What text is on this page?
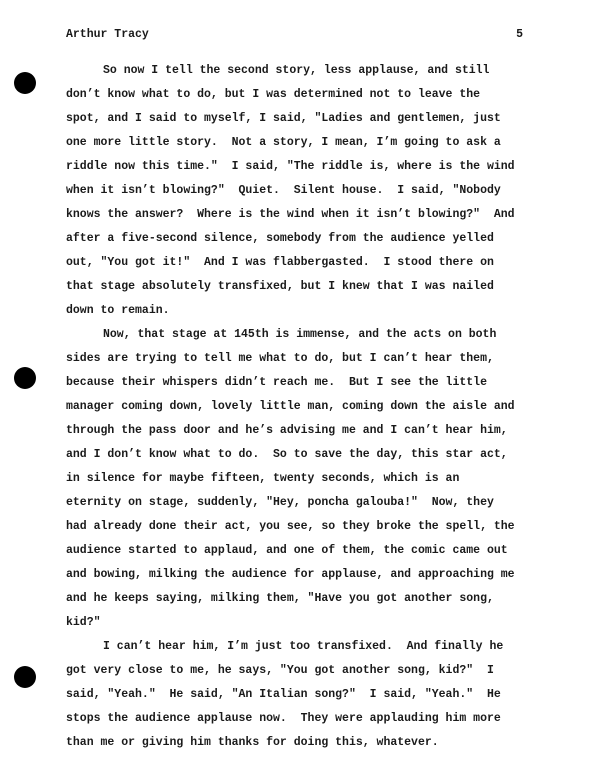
Arthur Tracy	5
So now I tell the second story, less applause, and still
don’t know what to do, but I was determined not to leave the
spot, and I said to myself, I said, "Ladies and gentlemen, just
one more little story.  Not a story, I mean, I’m going to ask a
riddle now this time."  I said, "The riddle is, where is the wind
when it isn’t blowing?"  Quiet.  Silent house.  I said, "Nobody
knows the answer?  Where is the wind when it isn’t blowing?"  And
after a five-second silence, somebody from the audience yelled
out, "You got it!"  And I was flabbergasted.  I stood there on
that stage absolutely transfixed, but I knew that I was nailed
down to remain.
Now, that stage at 145th is immense, and the acts on both
sides are trying to tell me what to do, but I can’t hear them,
because their whispers didn’t reach me.  But I see the little
manager coming down, lovely little man, coming down the aisle and
through the pass door and he’s advising me and I can’t hear him,
and I don’t know what to do.  So to save the day, this star act,
in silence for maybe fifteen, twenty seconds, which is an
eternity on stage, suddenly, "Hey, poncha galouba!"  Now, they
had already done their act, you see, so they broke the spell, the
audience started to applaud, and one of them, the comic came out
and bowing, milking the audience for applause, and approaching me
and he keeps saying, milking them, "Have you got another song,
kid?"
I can’t hear him, I’m just too transfixed.  And finally he
got very close to me, he says, "You got another song, kid?"  I
said, "Yeah."  He said, "An Italian song?"  I said, "Yeah."  He
stops the audience applause now.  They were applauding him more
than me or giving him thanks for doing this, whatever.
